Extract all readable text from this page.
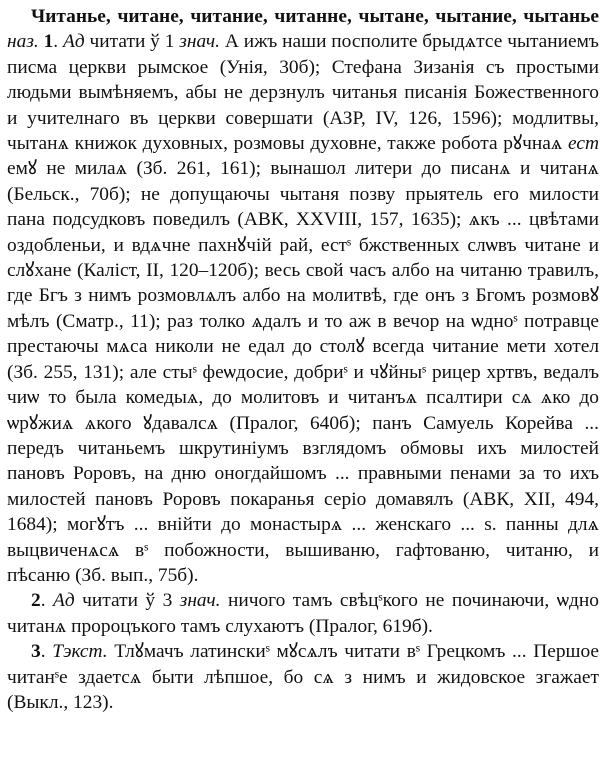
Читанье, читане, читание, читанне, чытане, чытание, чытанье наз. 1. Ад читати ў 1 знач. А ижъ наши посполите брыдѧтсе чытаниемъ писма церкви рымское (Унія, 30б); Стефана Зизанія съ простыми людьми вымѣняемъ, абы не дерзнулъ читанья писанія Божественного и учителнаго въ церкви совершати (АЗР, IV, 126, 1596); модлитвы, чытанѧ книжок духовных, розмовы духовне, также робота рꙋчнаѧ ест емꙋ не милаѧ (Зб. 261, 161); вынашол литери до писанѧ и читанѧ (Бельск., 70б); не допущаючы чытаня позву прыятель его милости пана подсудковъ поведилъ (АВК, XXVIII, 157, 1635); ѧкъ ... цвѣтами оздобленьи, и вдѧчне пахнꙋчій рай, естˢ бжственных слѡвъ читане и слꙋхане (Каліст, II, 120–120б); весь свой часъ албо на читаню травилъ, где Бгъ з нимъ розмовлѧлъ албо на молитвѣ, где онъ з Бгомъ розмовꙋ мѣлъ (Сматр., 11); раз толко ѧдалъ и то аж в вечор на ѡдноˢ потравце престаючы мѧса николи не едал до столꙋ всегда читание мети хотел (Зб. 255, 131); але стыˢ феѡдосие, добриˢ и чꙋйныˢ рицер хртвъ, ведалъ чиѡ то была комедыѧ, до молитовъ и читанъѧ псалтири сѧ ѧко до ѡрꙋжиѧ ѧкого ꙋдавалсѧ (Пралог, 640б); панъ Самуель Корейва ... передъ читаньемъ шкрутиніумъ взглядомъ обмовы ихъ милостей пановъ Роровъ, на дню оногдайшомъ ... правными пенами за то ихъ милостей пановъ Роровъ покаранья серіо домавялъ (АВК, XII, 494, 1684); могꙋтъ ... внійти до монастырѧ ... женскаго ... ѕ. панны длѧ выцвиченѧсѧ вˢ побожности, вышиваню, гафтованю, читаню, и пѣсаню (Зб. вып., 75б).

2. Ад читати ў 3 знач. ничого тамъ свѣцˢкого не починаючи, ѡдно читанѧ пророцъкого тамъ слухаютъ (Пралог, 619б).

3. Тэкст. Тлꙋмачъ латинскиˢ мꙋсѧлъ читати вˢ Грецкомъ ... Першое читанˢе здаетсѧ быти лѣпшое, бо сѧ з нимъ и жидовское згажает (Выкл., 123).
